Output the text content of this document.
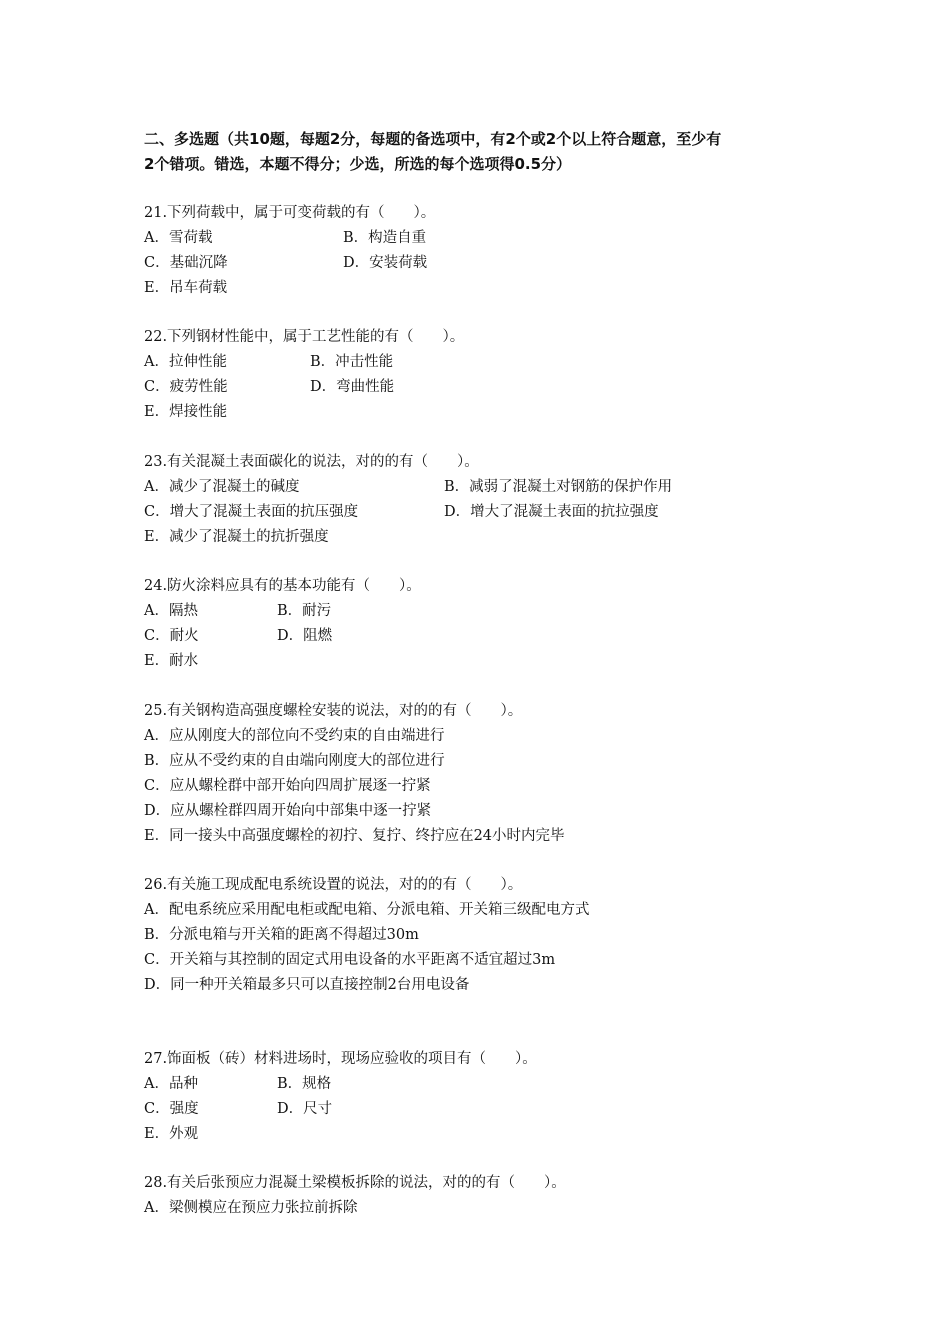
二、多选题（共10题，每题2分，每题的备选项中，有2个或2个以上符合题意，至少有
2个错项。错选，本题不得分；少选，所选的每个选项得0.5分）
21.下列荷载中，属于可变荷载的有（　　）。
A．雪荷载	B．构造自重
C．基础沉降	D．安装荷载
E．吊车荷载
22.下列钢材性能中，属于工艺性能的有（　　）。
A．拉伸性能	B．冲击性能
C．疲劳性能	D．弯曲性能
E．焊接性能
23.有关混凝土表面碳化的说法，对的的有（　　）。
A．减少了混凝土的碱度	B．减弱了混凝土对钢筋的保护作用
C．增大了混凝土表面的抗压强度	D．增大了混凝土表面的抗拉强度
E．减少了混凝土的抗折强度
24.防火涂料应具有的基本功能有（　　）。
A．隔热	B．耐污
C．耐火	D．阻燃
E．耐水
25.有关钢构造高强度螺栓安装的说法，对的的有（　　）。
A．应从刚度大的部位向不受约束的自由端进行
B．应从不受约束的自由端向刚度大的部位进行
C．应从螺栓群中部开始向四周扩展逐一拧紧
D．应从螺栓群四周开始向中部集中逐一拧紧
E．同一接头中高强度螺栓的初拧、复拧、终拧应在24小时内完毕
26.有关施工现成配电系统设置的说法，对的的有（　　）。
A．配电系统应采用配电柜或配电箱、分派电箱、开关箱三级配电方式
B．分派电箱与开关箱的距离不得超过30m
C．开关箱与其控制的固定式用电设备的水平距离不适宜超过3m
D．同一种开关箱最多只可以直接控制2台用电设备
27.饰面板（砖）材料进场时，现场应验收的项目有（　　）。
A．品种	B．规格
C．强度	D．尺寸
E．外观
28.有关后张预应力混凝土梁模板拆除的说法，对的的有（　　）。
A．梁侧模应在预应力张拉前拆除
